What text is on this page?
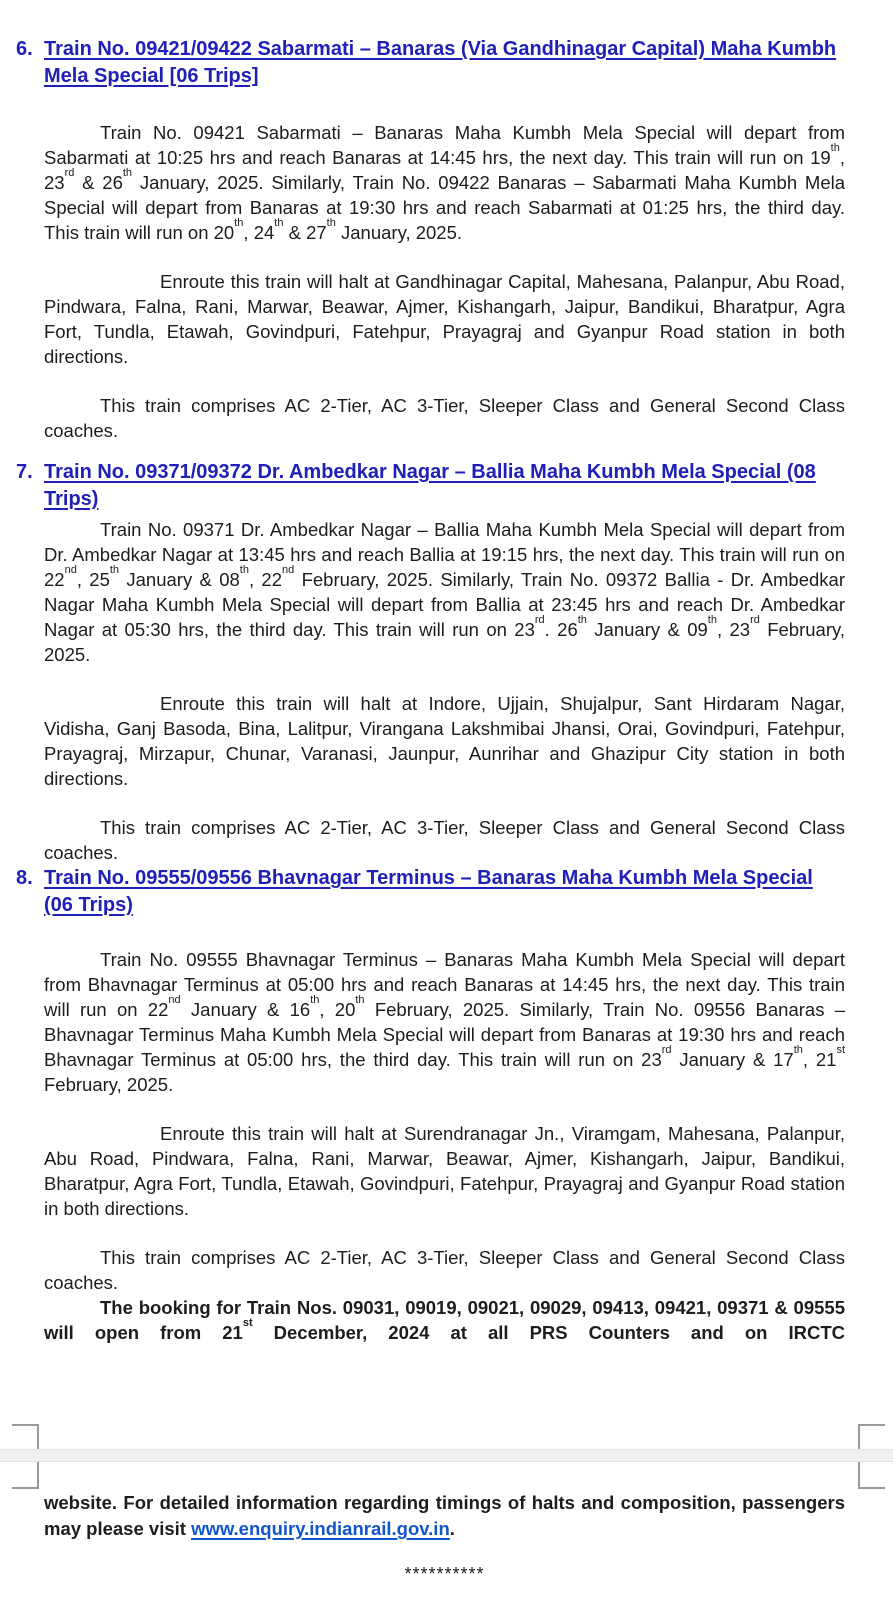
6. Train No. 09421/09422 Sabarmati – Banaras (Via Gandhinagar Capital) Maha Kumbh Mela Special [06 Trips]
Train No. 09421 Sabarmati – Banaras Maha Kumbh Mela Special will depart from Sabarmati at 10:25 hrs and reach Banaras at 14:45 hrs, the next day. This train will run on 19th, 23rd & 26th January, 2025. Similarly, Train No. 09422 Banaras – Sabarmati Maha Kumbh Mela Special will depart from Banaras at 19:30 hrs and reach Sabarmati at 01:25 hrs, the third day. This train will run on 20th, 24th & 27th January, 2025.
Enroute this train will halt at Gandhinagar Capital, Mahesana, Palanpur, Abu Road, Pindwara, Falna, Rani, Marwar, Beawar, Ajmer, Kishangarh, Jaipur, Bandikui, Bharatpur, Agra Fort, Tundla, Etawah, Govindpuri, Fatehpur, Prayagraj and Gyanpur Road station in both directions.
This train comprises AC 2-Tier, AC 3-Tier, Sleeper Class and General Second Class coaches.
7. Train No. 09371/09372 Dr. Ambedkar Nagar – Ballia Maha Kumbh Mela Special (08 Trips)
Train No. 09371 Dr. Ambedkar Nagar – Ballia Maha Kumbh Mela Special will depart from Dr. Ambedkar Nagar at 13:45 hrs and reach Ballia at 19:15 hrs, the next day. This train will run on 22nd, 25th January & 08th, 22nd February, 2025. Similarly, Train No. 09372 Ballia - Dr. Ambedkar Nagar Maha Kumbh Mela Special will depart from Ballia at 23:45 hrs and reach Dr. Ambedkar Nagar at 05:30 hrs, the third day. This train will run on 23rd. 26th January & 09th, 23rd February, 2025.
Enroute this train will halt at Indore, Ujjain, Shujalpur, Sant Hirdaram Nagar, Vidisha, Ganj Basoda, Bina, Lalitpur, Virangana Lakshmibai Jhansi, Orai, Govindpuri, Fatehpur, Prayagraj, Mirzapur, Chunar, Varanasi, Jaunpur, Aunrihar and Ghazipur City station in both directions.
This train comprises AC 2-Tier, AC 3-Tier, Sleeper Class and General Second Class coaches.
8. Train No. 09555/09556 Bhavnagar Terminus – Banaras Maha Kumbh Mela Special (06 Trips)
Train No. 09555 Bhavnagar Terminus – Banaras Maha Kumbh Mela Special will depart from Bhavnagar Terminus at 05:00 hrs and reach Banaras at 14:45 hrs, the next day. This train will run on 22nd January & 16th, 20th February, 2025. Similarly, Train No. 09556 Banaras – Bhavnagar Terminus Maha Kumbh Mela Special will depart from Banaras at 19:30 hrs and reach Bhavnagar Terminus at 05:00 hrs, the third day. This train will run on 23rd January & 17th, 21st February, 2025.
Enroute this train will halt at Surendranagar Jn., Viramgam, Mahesana, Palanpur, Abu Road, Pindwara, Falna, Rani, Marwar, Beawar, Ajmer, Kishangarh, Jaipur, Bandikui, Bharatpur, Agra Fort, Tundla, Etawah, Govindpuri, Fatehpur, Prayagraj and Gyanpur Road station in both directions.
This train comprises AC 2-Tier, AC 3-Tier, Sleeper Class and General Second Class coaches.
The booking for Train Nos. 09031, 09019, 09021, 09029, 09413, 09421, 09371 & 09555 will open from 21st December, 2024 at all PRS Counters and on IRCTC
website. For detailed information regarding timings of halts and composition, passengers may please visit www.enquiry.indianrail.gov.in.
**********
